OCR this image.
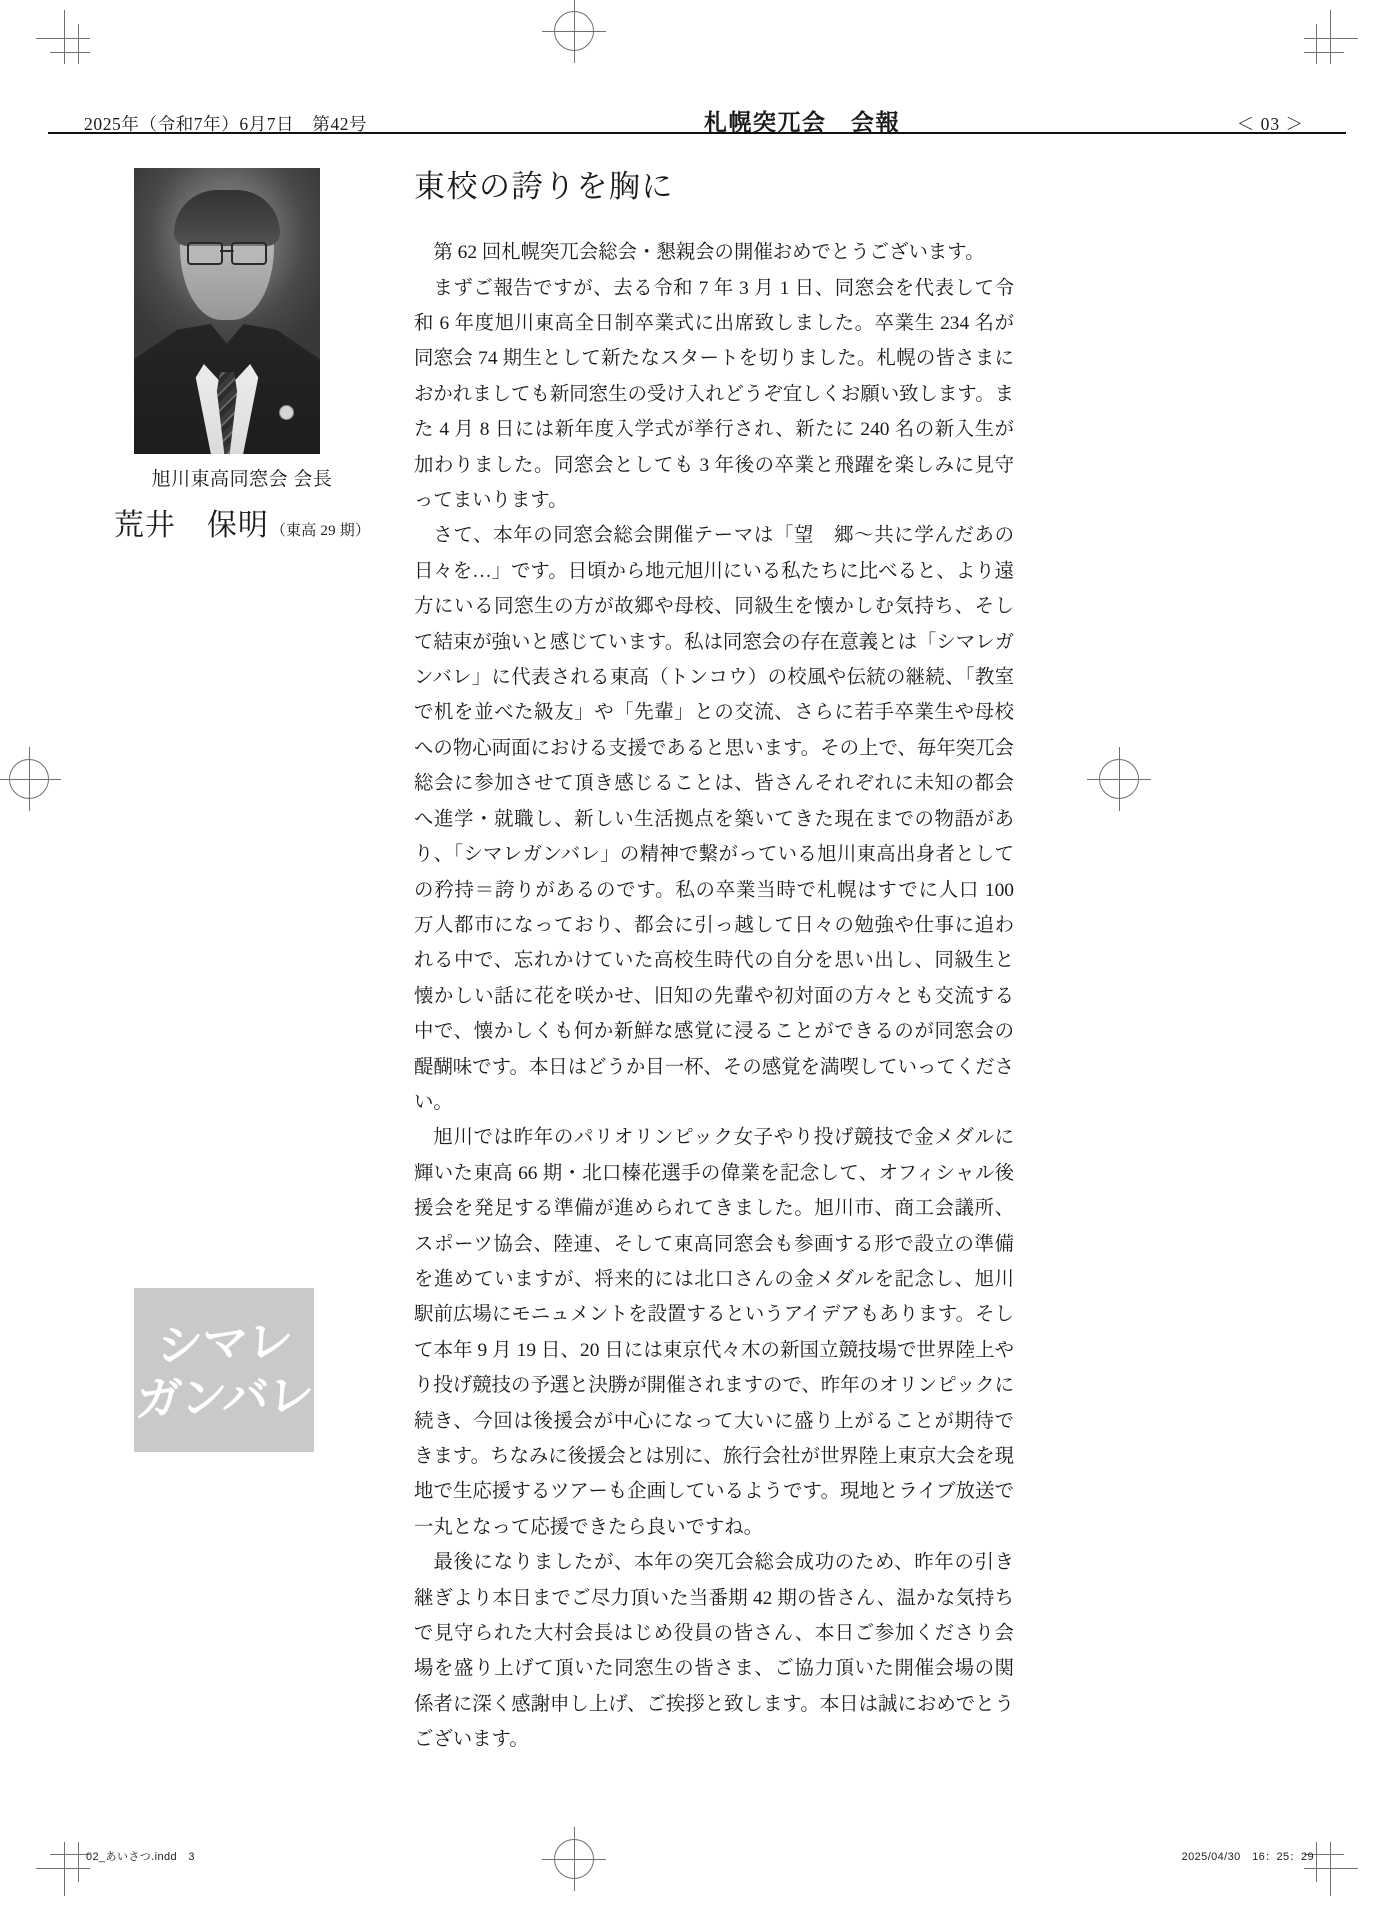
2025年（令和7年）6月7日　第42号	札幌突兀会　会報	＜ 03 ＞
旭川東高同窓会 会長
荒井　保明 （東高 29 期）
シマレ
ガンバレ
東校の誇りを胸に

第 62 回札幌突兀会総会・懇親会の開催おめでとうございます。

まずご報告ですが、去る令和 7 年 3 月 1 日、同窓会を代表して令和 6 年度旭川東高全日制卒業式に出席致しました。卒業生 234 名が同窓会 74 期生として新たなスタートを切りました。札幌の皆さまにおかれましても新同窓生の受け入れどうぞ宜しくお願い致します。また 4 月 8 日には新年度入学式が挙行され、新たに 240 名の新入生が加わりました。同窓会としても 3 年後の卒業と飛躍を楽しみに見守ってまいります。

さて、本年の同窓会総会開催テーマは「望　郷〜共に学んだあの日々を…」です。日頃から地元旭川にいる私たちに比べると、より遠方にいる同窓生の方が故郷や母校、同級生を懐かしむ気持ち、そして結束が強いと感じています。私は同窓会の存在意義とは「シマレガンバレ」に代表される東高（トンコウ）の校風や伝統の継続、「教室で机を並べた級友」や「先輩」との交流、さらに若手卒業生や母校への物心両面における支援であると思います。その上で、毎年突兀会総会に参加させて頂き感じることは、皆さんそれぞれに未知の都会へ進学・就職し、新しい生活拠点を築いてきた現在までの物語があり、「シマレガンバレ」の精神で繋がっている旭川東高出身者としての矜持＝誇りがあるのです。私の卒業当時で札幌はすでに人口 100 万人都市になっており、都会に引っ越して日々の勉強や仕事に追われる中で、忘れかけていた高校生時代の自分を思い出し、同級生と懐かしい話に花を咲かせ、旧知の先輩や初対面の方々とも交流する中で、懐かしくも何か新鮮な感覚に浸ることができるのが同窓会の醍醐味です。本日はどうか目一杯、その感覚を満喫していってください。

旭川では昨年のパリオリンピック女子やり投げ競技で金メダルに輝いた東高 66 期・北口榛花選手の偉業を記念して、オフィシャル後援会を発足する準備が進められてきました。旭川市、商工会議所、スポーツ協会、陸連、そして東高同窓会も参画する形で設立の準備を進めていますが、将来的には北口さんの金メダルを記念し、旭川駅前広場にモニュメントを設置するというアイデアもあります。そして本年 9 月 19 日、20 日には東京代々木の新国立競技場で世界陸上やり投げ競技の予選と決勝が開催されますので、昨年のオリンピックに続き、今回は後援会が中心になって大いに盛り上がることが期待できます。ちなみに後援会とは別に、旅行会社が世界陸上東京大会を現地で生応援するツアーも企画しているようです。現地とライブ放送で一丸となって応援できたら良いですね。

最後になりましたが、本年の突兀会総会成功のため、昨年の引き継ぎより本日までご尽力頂いた当番期 42 期の皆さん、温かな気持ちで見守られた大村会長はじめ役員の皆さん、本日ご参加くださり会場を盛り上げて頂いた同窓生の皆さま、ご協力頂いた開催会場の関係者に深く感謝申し上げ、ご挨拶と致します。本日は誠におめでとうございます。

02_あいさつ.indd　3	2025/04/30　16：25：29
